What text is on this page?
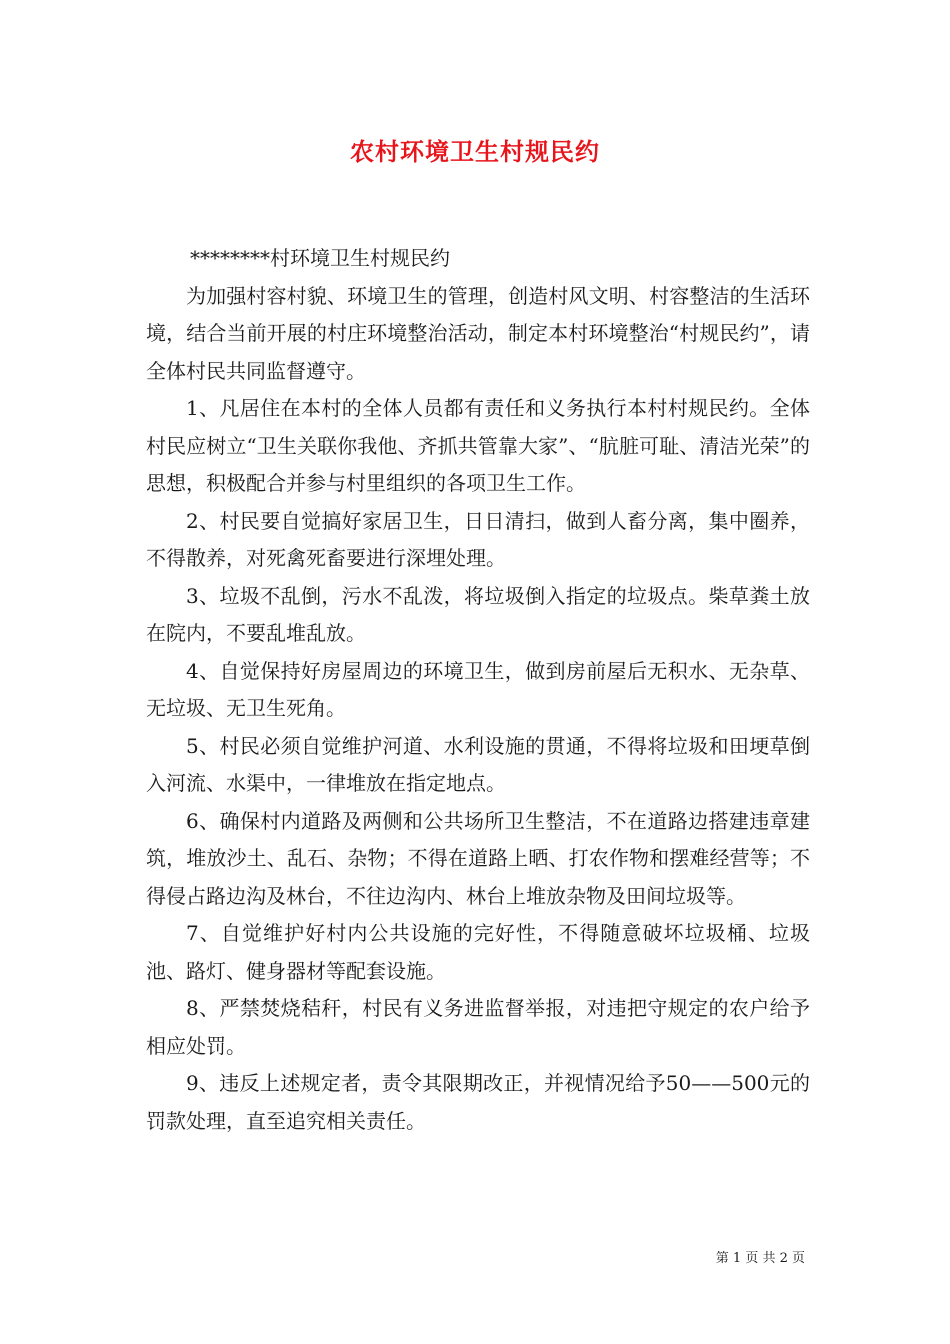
农村环境卫生村规民约

********村环境卫生村规民约

为加强村容村貌、环境卫生的管理，创造村风文明、村容整洁的生活环境，结合当前开展的村庄环境整治活动，制定本村环境整治“村规民约”，请全体村民共同监督遵守。

1、凡居住在本村的全体人员都有责任和义务执行本村村规民约。全体村民应树立“卫生关联你我他、齐抓共管靠大家”、“肮脏可耻、清洁光荣”的思想，积极配合并参与村里组织的各项卫生工作。

2、村民要自觉搞好家居卫生，日日清扫，做到人畜分离，集中圈养，不得散养，对死禽死畜要进行深埋处理。

3、垃圾不乱倒，污水不乱泼，将垃圾倒入指定的垃圾点。柴草粪土放在院内，不要乱堆乱放。

4、自觉保持好房屋周边的环境卫生，做到房前屋后无积水、无杂草、无垃圾、无卫生死角。

5、村民必须自觉维护河道、水利设施的贯通，不得将垃圾和田埂草倒入河流、水渠中，一律堆放在指定地点。

6、确保村内道路及两侧和公共场所卫生整洁，不在道路边搭建违章建筑，堆放沙土、乱石、杂物；不得在道路上晒、打农作物和摆难经营等；不得侵占路边沟及林台，不往边沟内、林台上堆放杂物及田间垃圾等。

7、自觉维护好村内公共设施的完好性，不得随意破坏垃圾桶、垃圾池、路灯、健身器材等配套设施。

8、严禁焚烧秸秆，村民有义务进监督举报，对违把守规定的农户给予相应处罚。

9、违反上述规定者，责令其限期改正，并视情况给予50——500元的罚款处理，直至追究相关责任。

第 1 页 共 2 页
